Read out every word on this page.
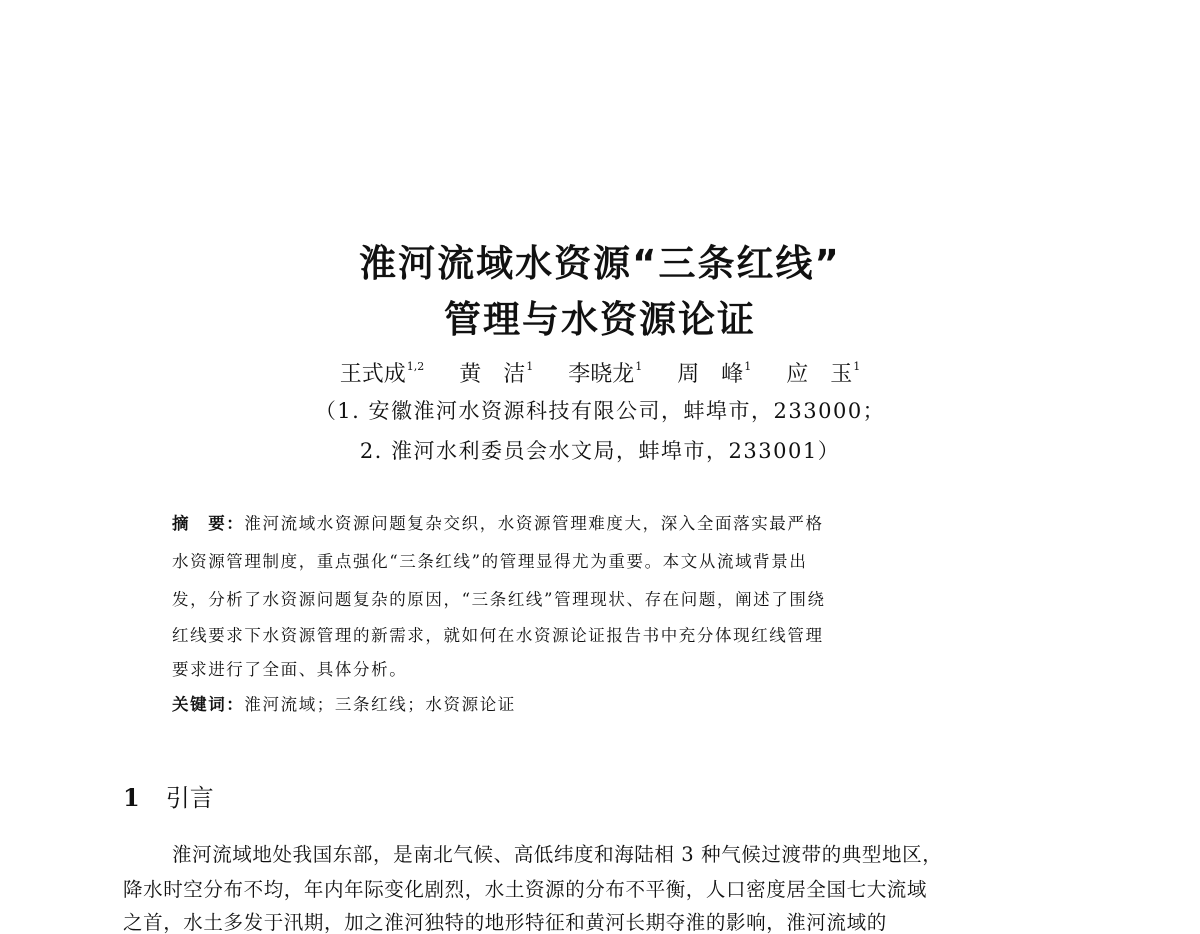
淮河流域水资源“三条红线”
管理与水资源论证
王式成$^{1,2}$ 黄　洁$^1$ 李晓龙$^1$ 周　峰$^1$ 应　玉$^1$
（1. 安徽淮河水资源科技有限公司，蚌埠市，233000；
2. 淮河水利委员会水文局，蚌埠市，233001）
摘　要：淮河流域水资源问题复杂交织，水资源管理难度大，深入全面落实最严格
水资源管理制度，重点强化“三条红线”的管理显得尤为重要。本文从流域背景出
发，分析了水资源问题复杂的原因，“三条红线”管理现状、存在问题，阐述了围绕
红线要求下水资源管理的新需求，就如何在水资源论证报告书中充分体现红线管理
要求进行了全面、具体分析。
关键词：淮河流域；三条红线；水资源论证
1 引言
淮河流域地处我国东部，是南北气候、高低纬度和海陆相 3 种气候过渡带的典型地区，
降水时空分布不均，年内年际变化剧烈，水土资源的分布不平衡，人口密度居全国七大流域
之首，水土多发于汛期，加之淮河独特的地形特征和黄河长期夺淮的影响，淮河流域的
